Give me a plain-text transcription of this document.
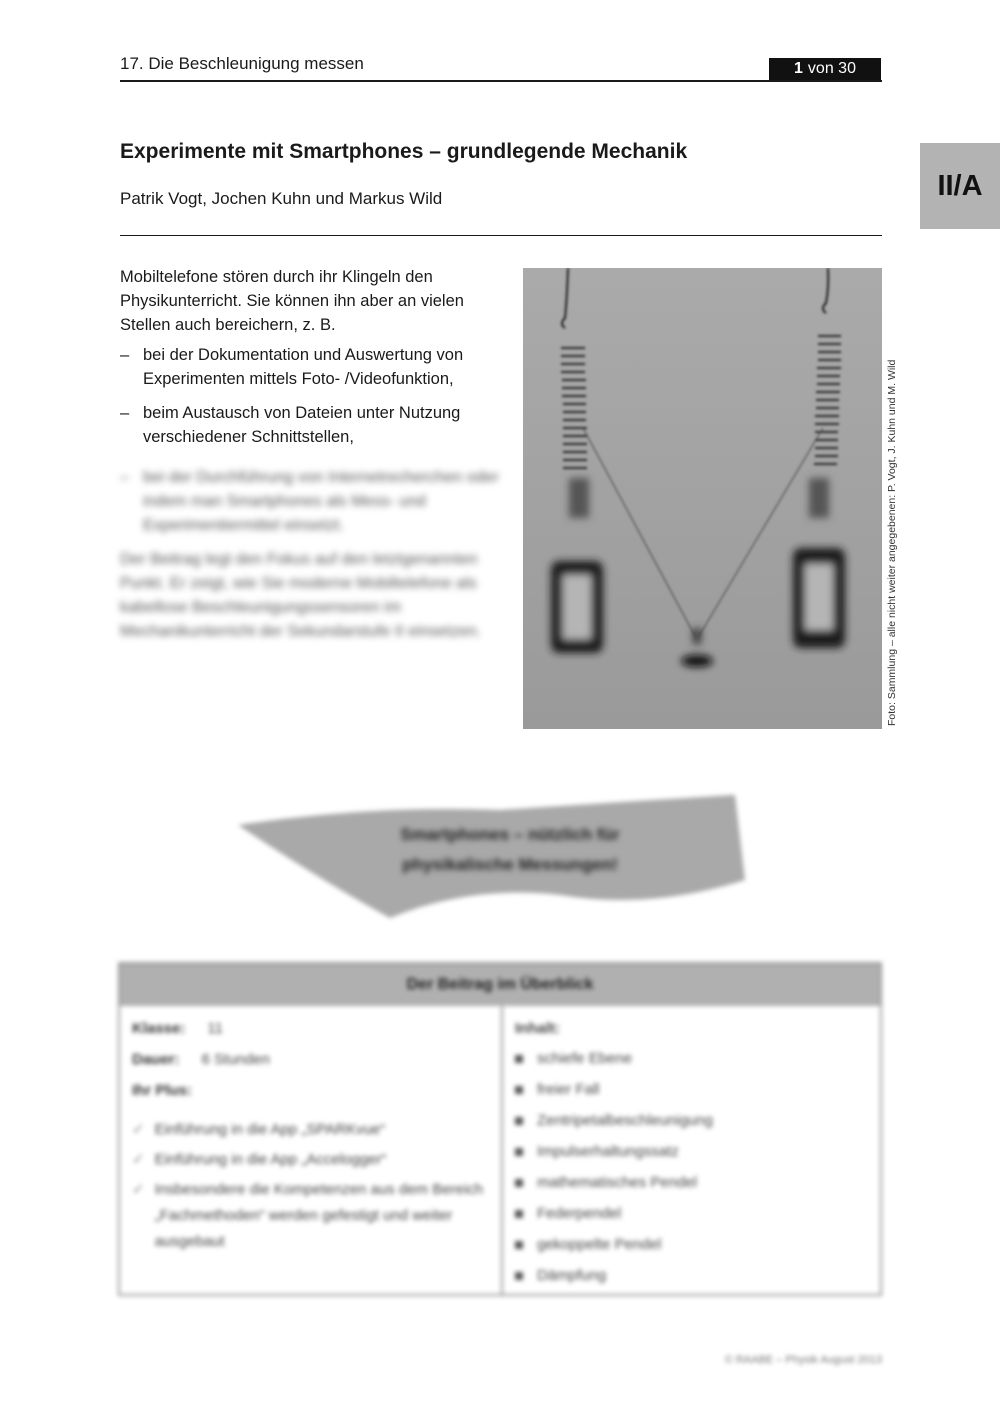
17. Die Beschleunigung messen	1 von 30
II/A
Experimente mit Smartphones – grundlegende Mechanik
Patrik Vogt, Jochen Kuhn und Markus Wild

Mobiltelefone stören durch ihr Klingeln den Physikunterricht. Sie können ihn aber an vielen Stellen auch bereichern, z. B.

– bei der Dokumentation und Auswertung von Experimenten mittels Foto- /Videofunktion,
– beim Austausch von Dateien unter Nutzung verschiedener Schnittstellen,
– bei der Durchführung von Internetrecherchen oder indem man Smartphones als Mess- und Experimentiermittel einsetzt.
Der Beitrag legt den Fokus auf den letztgenannten Punkt. Er zeigt, wie Sie moderne Mobiltelefone als kabellose Beschleunigungssensoren im Mechanikunterricht der Sekundarstufe II einsetzen.	Foto: Sammlung – alle nicht weiter angegebenen: P. Vogt, J. Kuhn und M. Wild
Smartphones – nützlich für
physikalische Messungen!
Der Beitrag im Überblick
Klasse: 11
Dauer: 6 Stunden
Ihr Plus:
✓ Einführung in die App „SPARKvue“
✓ Einführung in die App „Accelogger“
✓ Insbesondere die Kompetenzen aus dem Bereich „Fachmethoden“ werden gefestigt und weiter ausgebaut
Inhalt:
schiefe Ebene
freier Fall
Zentripetalbeschleunigung
Impulserhaltungssatz
mathematisches Pendel
Federpendel
gekoppelte Pendel
Dämpfung
© RAABE – Physik August 2013
